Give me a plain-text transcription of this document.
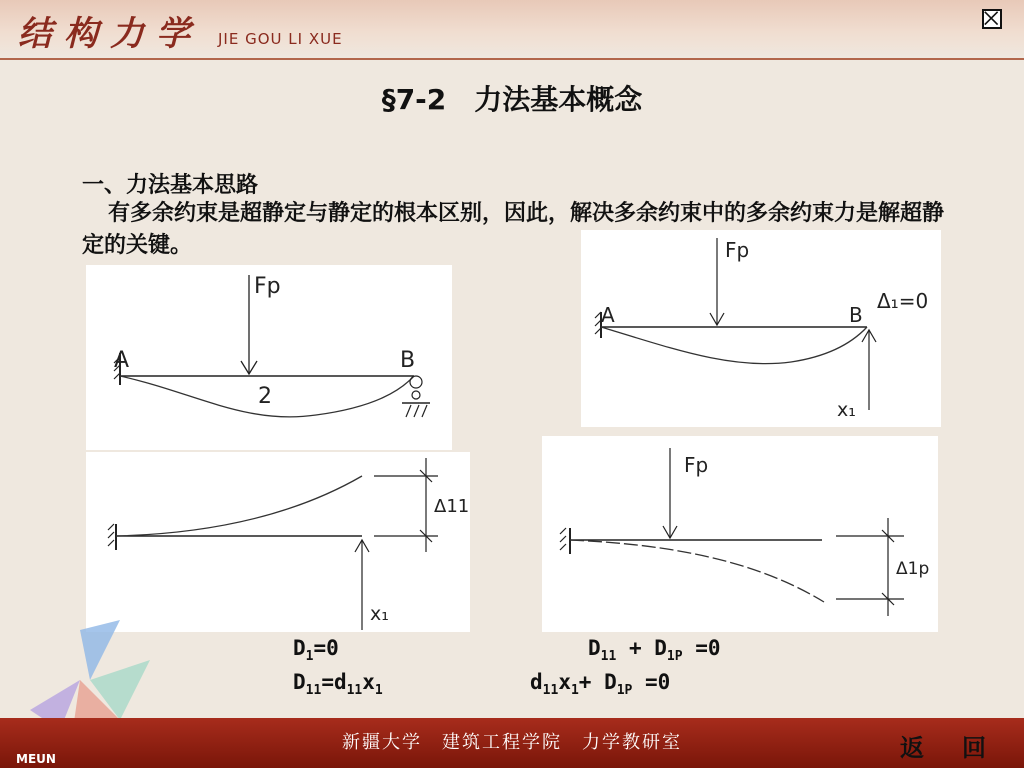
结构力学 JIE GOU LI XUE
§7-2　力法基本概念
一、力法基本思路
有多余约束是超静定与静定的根本区别，因此，解决多余约束中的多余约束力是解超静定的关键。
Fp
A	B
2
Fp
A	B
Δ₁=0
x₁
Δ11
x₁
Fp
Δ1p
$D_1=0$
$D_{11}=d_{11}x_1$
$D_{11} + D_{1P} =0$
$d_{11}x_1+ D_{1P} =0$
新疆大学　建筑工程学院　力学教研室	返回
MEUN
